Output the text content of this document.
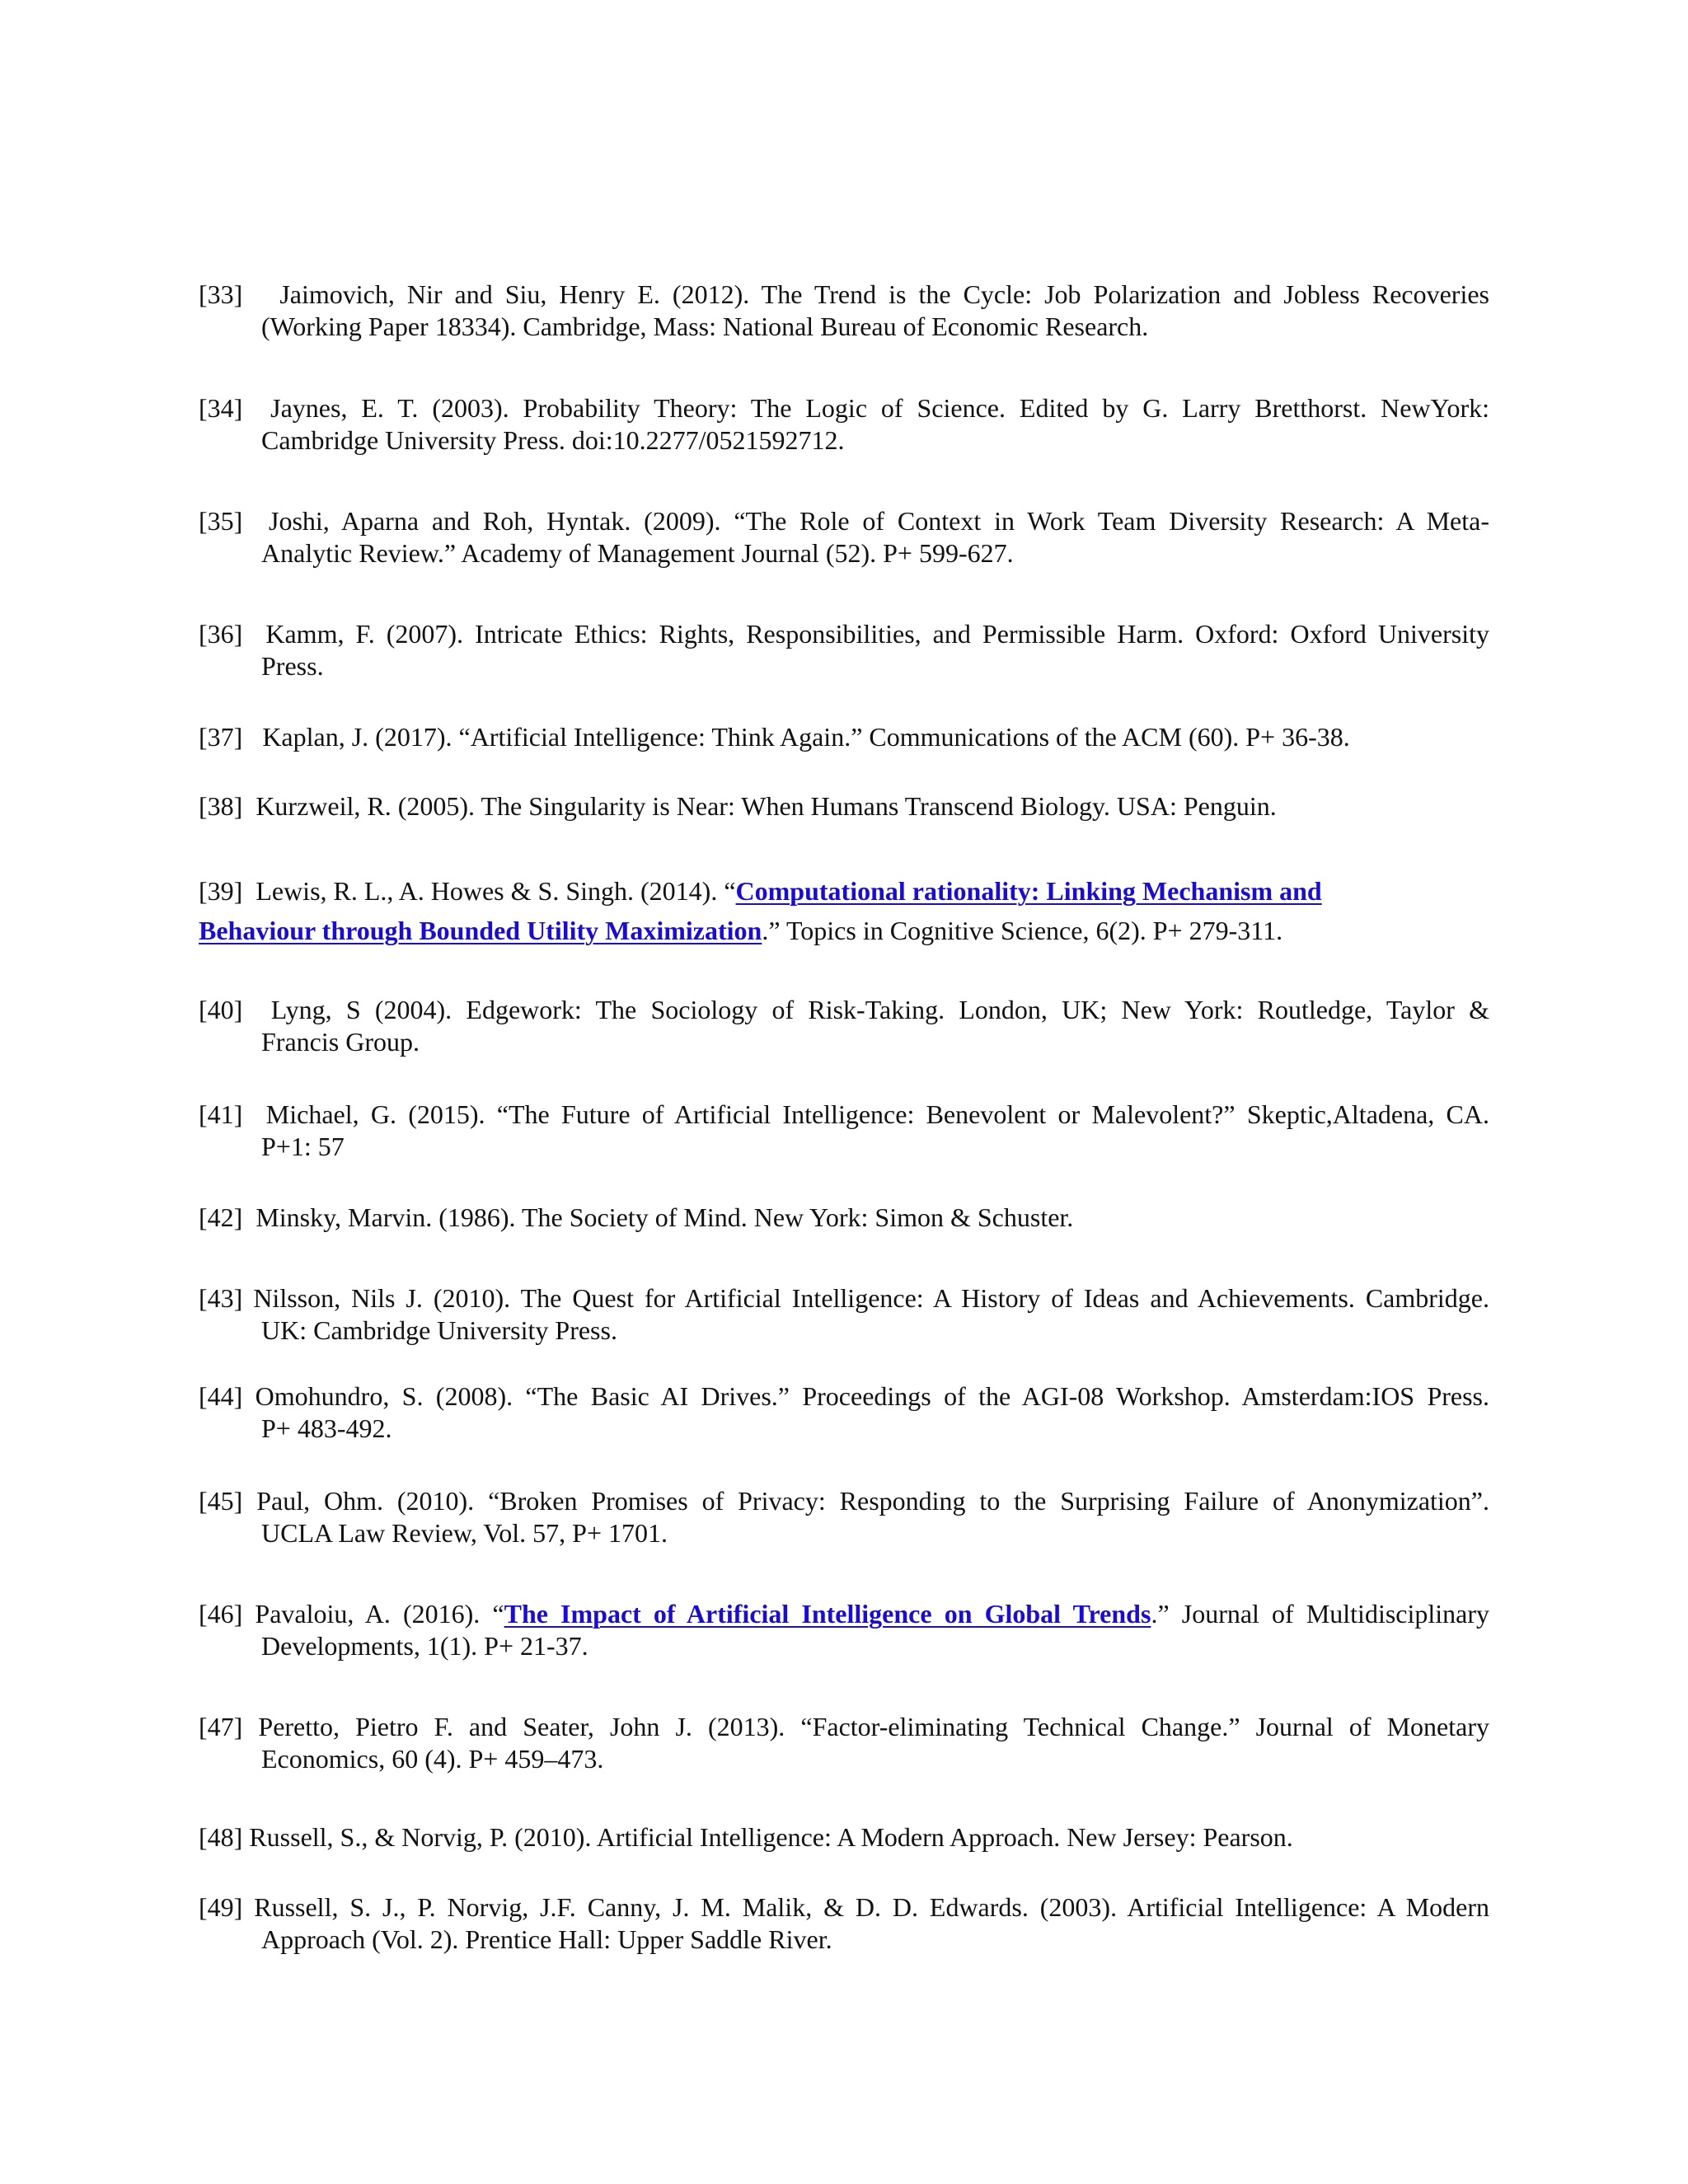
[33] Jaimovich, Nir and Siu, Henry E. (2012). The Trend is the Cycle: Job Polarization and Jobless Recoveries
(Working Paper 18334). Cambridge, Mass: National Bureau of Economic Research.
[34] Jaynes, E. T. (2003). Probability Theory: The Logic of Science. Edited by G. Larry Bretthorst. NewYork:
Cambridge University Press. doi:10.2277/0521592712.
[35] Joshi, Aparna and Roh, Hyntak. (2009). “The Role of Context in Work Team Diversity Research: A Meta-
Analytic Review.” Academy of Management Journal (52). P+ 599-627.
[36] Kamm, F. (2007). Intricate Ethics: Rights, Responsibilities, and Permissible Harm. Oxford: Oxford University
Press.
[37] Kaplan, J. (2017). “Artificial Intelligence: Think Again.” Communications of the ACM (60). P+ 36-38.
[38] Kurzweil, R. (2005). The Singularity is Near: When Humans Transcend Biology. USA: Penguin.
[39] Lewis, R. L., A. Howes & S. Singh. (2014). “Computational rationality: Linking Mechanism and
Behaviour through Bounded Utility Maximization.” Topics in Cognitive Science, 6(2). P+ 279-311.
[40] Lyng, S (2004). Edgework: The Sociology of Risk-Taking. London, UK; New York: Routledge, Taylor &
Francis Group.
[41] Michael, G. (2015). “The Future of Artificial Intelligence: Benevolent or Malevolent?” Skeptic,Altadena, CA.
P+1: 57
[42] Minsky, Marvin. (1986). The Society of Mind. New York: Simon & Schuster.
[43] Nilsson, Nils J. (2010). The Quest for Artificial Intelligence: A History of Ideas and Achievements. Cambridge.
UK: Cambridge University Press.
[44] Omohundro, S. (2008). “The Basic AI Drives.” Proceedings of the AGI-08 Workshop. Amsterdam:IOS Press.
P+ 483-492.
[45] Paul, Ohm. (2010). “Broken Promises of Privacy: Responding to the Surprising Failure of Anonymization”.
UCLA Law Review, Vol. 57, P+ 1701.
[46] Pavaloiu, A. (2016). “The Impact of Artificial Intelligence on Global Trends.” Journal of Multidisciplinary
Developments, 1(1). P+ 21-37.
[47] Peretto, Pietro F. and Seater, John J. (2013). “Factor-eliminating Technical Change.” Journal of Monetary
Economics, 60 (4). P+ 459–473.
[48] Russell, S., & Norvig, P. (2010). Artificial Intelligence: A Modern Approach. New Jersey: Pearson.
[49] Russell, S. J., P. Norvig, J.F. Canny, J. M. Malik, & D. D. Edwards. (2003). Artificial Intelligence: A Modern
Approach (Vol. 2). Prentice Hall: Upper Saddle River.
